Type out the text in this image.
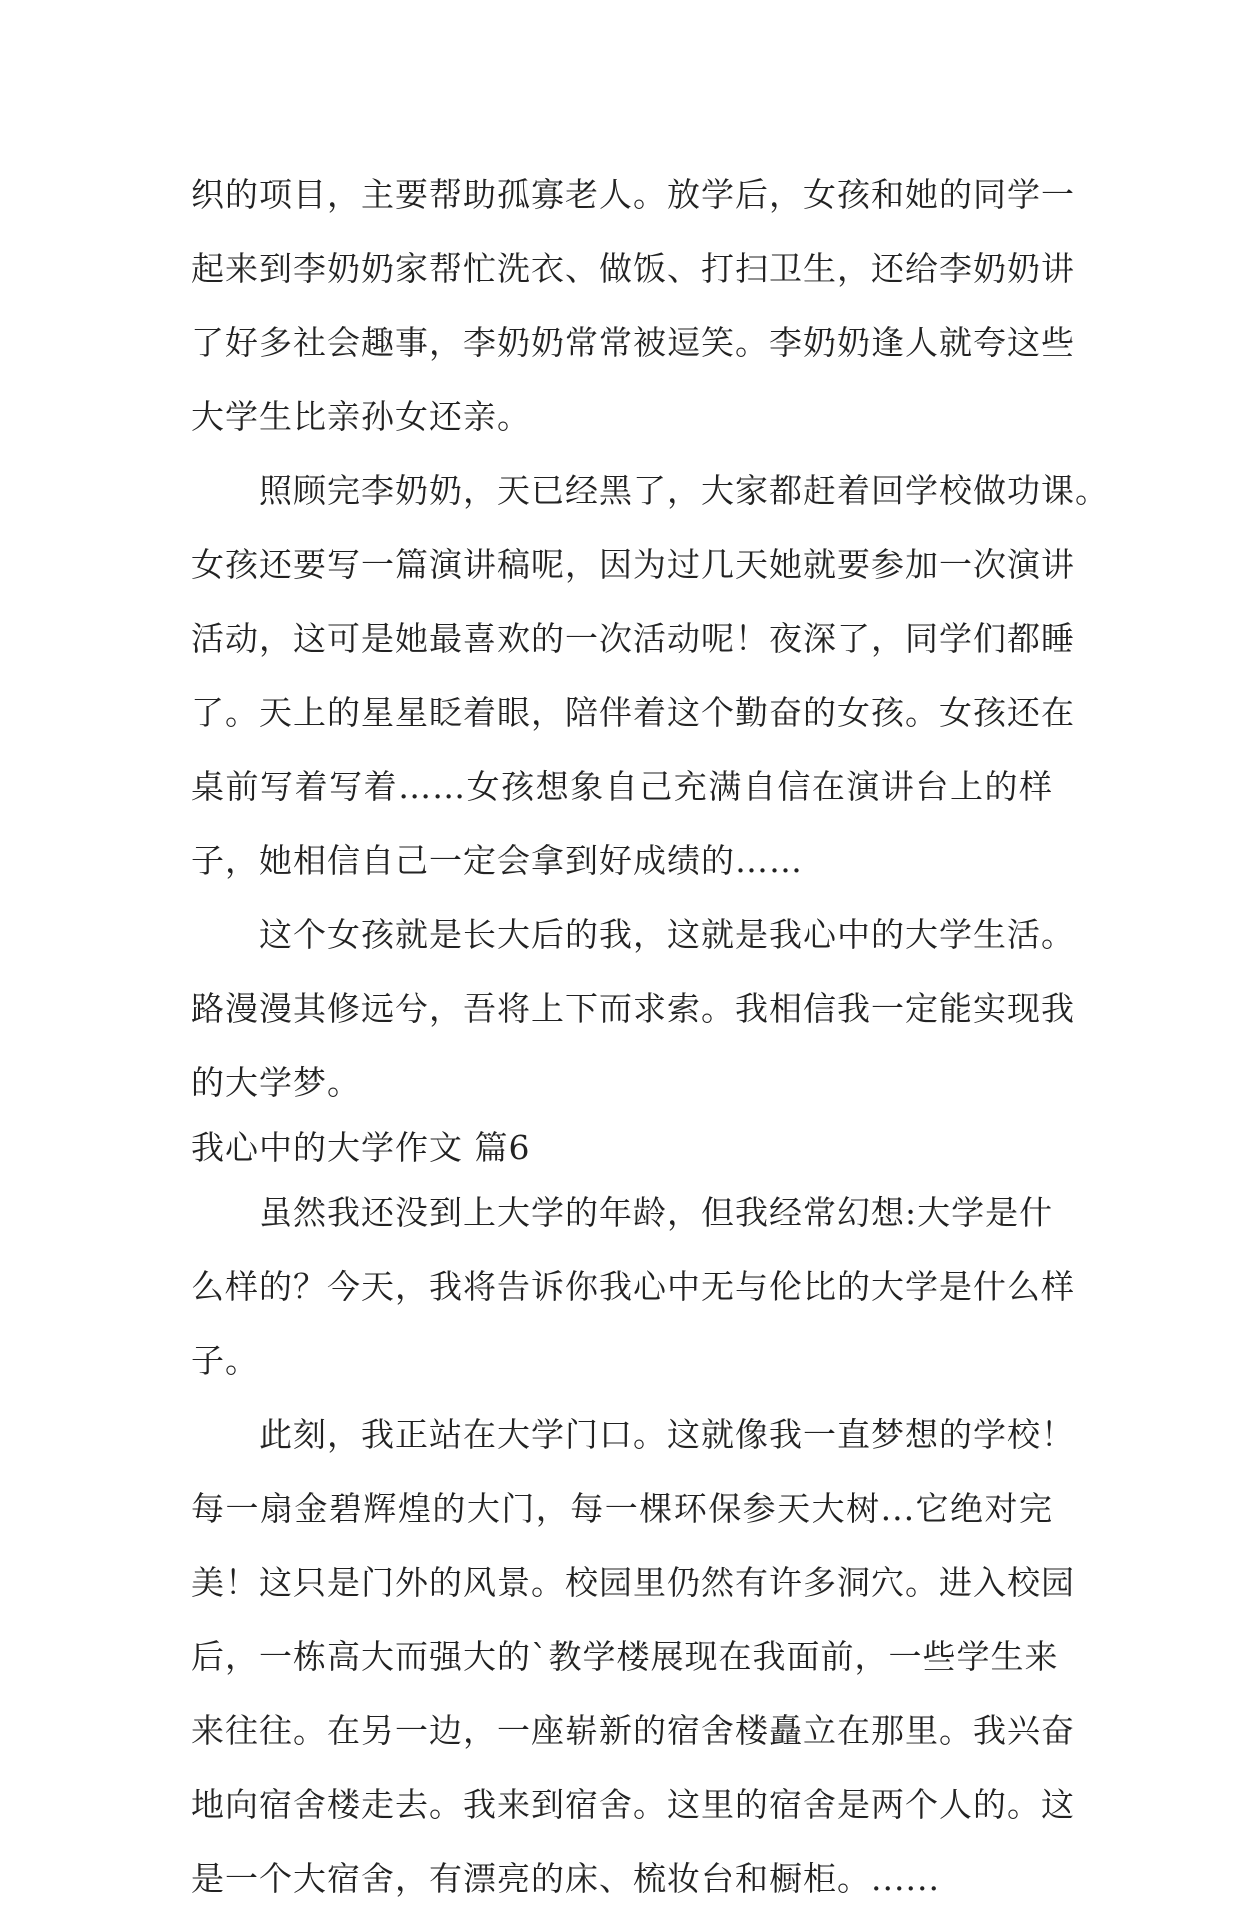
织的项目，主要帮助孤寡老人。放学后，女孩和她的同学一
起来到李奶奶家帮忙洗衣、做饭、打扫卫生，还给李奶奶讲
了好多社会趣事，李奶奶常常被逗笑。李奶奶逢人就夸这些
大学生比亲孙女还亲。
　　照顾完李奶奶，天已经黑了，大家都赶着回学校做功课。
女孩还要写一篇演讲稿呢，因为过几天她就要参加一次演讲
活动，这可是她最喜欢的一次活动呢！夜深了，同学们都睡
了。天上的星星眨着眼，陪伴着这个勤奋的女孩。女孩还在
桌前写着写着……女孩想象自己充满自信在演讲台上的样
子，她相信自己一定会拿到好成绩的……
　　这个女孩就是长大后的我，这就是我心中的大学生活。
路漫漫其修远兮，吾将上下而求索。我相信我一定能实现我
的大学梦。
我心中的大学作文 篇6
　　虽然我还没到上大学的年龄，但我经常幻想:大学是什
么样的？今天，我将告诉你我心中无与伦比的大学是什么样
子。
　　此刻，我正站在大学门口。这就像我一直梦想的学校！
每一扇金碧辉煌的大门，每一棵环保参天大树...它绝对完
美！这只是门外的风景。校园里仍然有许多洞穴。进入校园
后，一栋高大而强大的`教学楼展现在我面前，一些学生来
来往往。在另一边，一座崭新的宿舍楼矗立在那里。我兴奋
地向宿舍楼走去。我来到宿舍。这里的宿舍是两个人的。这
是一个大宿舍，有漂亮的床、梳妆台和橱柜。......
